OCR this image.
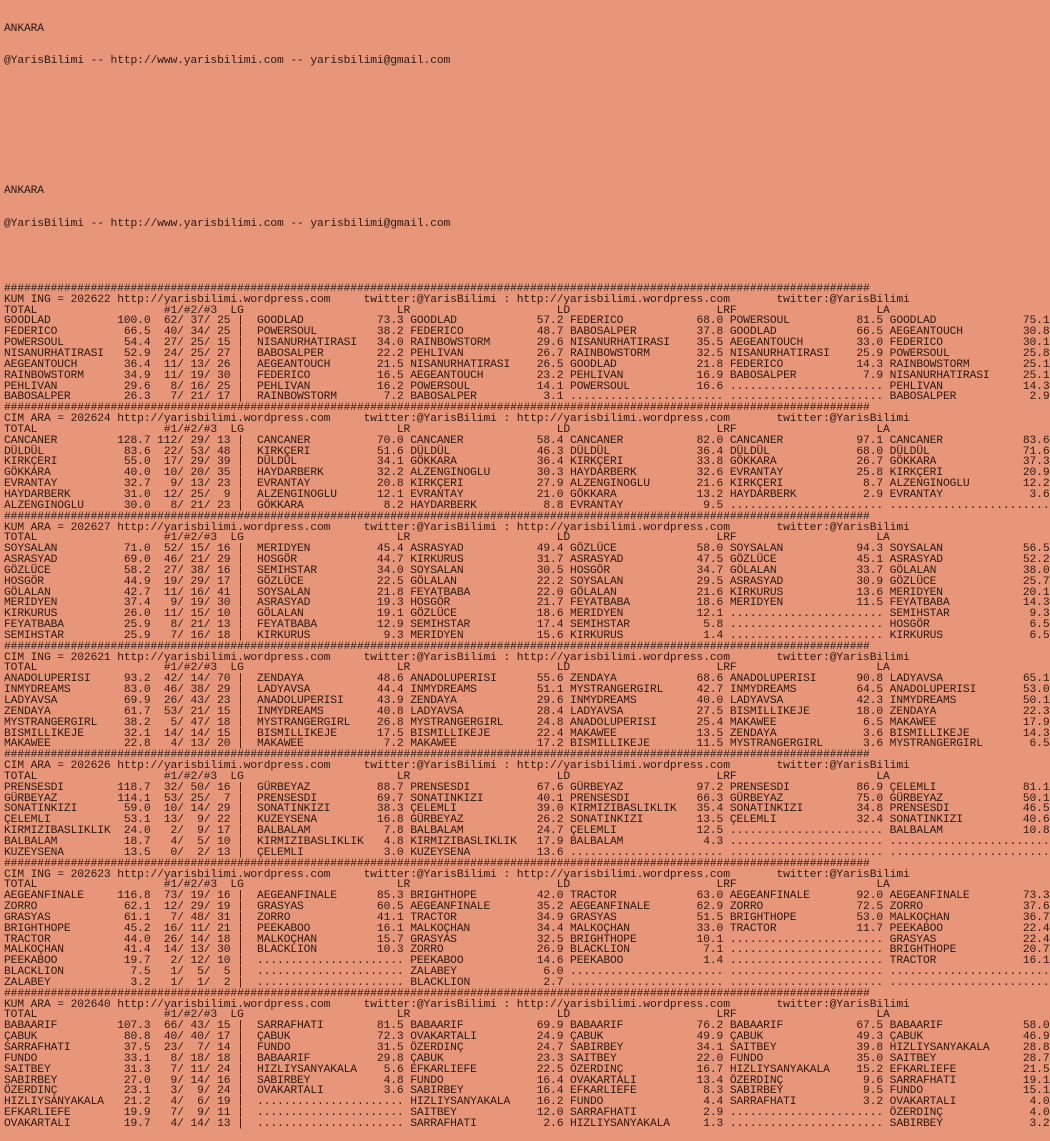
ANKARA

@YarisBilimi -- http://www.yarisbilimi.com -- yarisbilimi@gmail.com

ANKARA

@YarisBilimi -- http://www.yarisbilimi.com -- yarisbilimi@gmail.com

##################################################################################################################################
KUM ING = 202622 http://yarisbilimi.wordpress.com     twitter:@YarisBilimi : http://yarisbilimi.wordpress.com       twitter:@YarisBilimi
TOTAL                   #1/#2/#3  LG                       LR                      LD                      LRF                     LA
GOODLAD          100.0  62/ 37/ 25 |  GOODLAD           73.3 GOODLAD            57.2 FEDERICO           68.0 POWERSOUL          81.5 GOODLAD             75.1
FEDERICO          66.5  40/ 34/ 25 |  POWERSOUL         38.2 FEDERICO           48.7 BABOSALPER         37.8 GOODLAD            66.5 AEGEANTOUCH         30.8
POWERSOUL         54.4  27/ 25/ 15 |  NISANURHATIRASI   34.0 RAINBOWSTORM       29.6 NISANURHATIRASI    35.5 AEGEANTOUCH        33.0 FEDERICO            30.1
NISANURHATIRASI   52.9  24/ 25/ 27 |  BABOSALPER        22.2 PEHLIVAN           26.7 RAINBOWSTORM       32.5 NISANURHATIRASI    25.9 POWERSOUL           25.8
AEGEANTOUCH       36.4  11/ 13/ 26 |  AEGEANTOUCH       21.5 NISANURHATIRASI    26.5 GOODLAD            21.8 FEDERICO           14.3 RAINBOWSTORM        25.1
RAINBOWSTORM      34.9  11/ 19/ 30 |  FEDERICO          16.5 AEGEANTOUCH        23.2 PEHLIVAN           16.9 BABOSALPER          7.9 NISANURHATIRASI     25.1
PEHLIVAN          29.6   8/ 16/ 25 |  PEHLIVAN          16.2 POWERSOUL          14.1 POWERSOUL          16.6 ....................... PEHLIVAN            14.3
BABOSALPER        26.3   7/ 21/ 17 |  RAINBOWSTORM       7.2 BABOSALPER          3.1 ....................... ....................... BABOSALPER           2.9
##################################################################################################################################
CIM ARA = 202624 http://yarisbilimi.wordpress.com     twitter:@YarisBilimi : http://yarisbilimi.wordpress.com       twitter:@YarisBilimi
TOTAL                   #1/#2/#3  LG                       LR                      LD                      LRF                     LA
CANCANER         128.7 112/ 29/ 13 |  CANCANER          70.0 CANCANER           58.4 CANCANER           82.0 CANCANER           97.1 CANCANER            83.6
DÜLDÜL            83.6  22/ 53/ 48 |  KIRKÇERI          51.6 DÜLDÜL             46.3 DÜLDÜL             36.4 DÜLDÜL             68.0 DÜLDÜL              71.6
KIRKÇERI          55.0  17/ 29/ 39 |  DÜLDÜL            34.1 GÖKKARA            36.4 KIRKÇERI           33.8 GÖKKARA            26.7 GÖKKARA             37.3
GÖKKARA           40.0  10/ 20/ 35 |  HAYDARBERK        32.2 ALZENGINOGLU       30.3 HAYDARBERK         32.6 EVRANTAY           25.8 KIRKÇERI            20.9
EVRANTAY          32.7   9/ 13/ 23 |  EVRANTAY          20.8 KIRKÇERI           27.9 ALZENGINOGLU       21.6 KIRKÇERI            8.7 ALZENGINOGLU        12.2
HAYDARBERK        31.0  12/ 25/  9 |  ALZENGINOGLU      12.1 EVRANTAY           21.0 GÖKKARA            13.2 HAYDARBERK          2.9 EVRANTAY             3.6
ALZENGINOGLU      30.0   8/ 21/ 23 |  GÖKKARA            8.2 HAYDARBERK          8.8 EVRANTAY            9.5 ....................... ........................
##################################################################################################################################
KUM ARA = 202627 http://yarisbilimi.wordpress.com     twitter:@YarisBilimi : http://yarisbilimi.wordpress.com       twitter:@YarisBilimi
TOTAL                   #1/#2/#3  LG                       LR                      LD                      LRF                     LA
SOYSALAN          71.0  52/ 15/ 16 |  MERIDYEN          45.4 ASRASYAD           49.4 GÖZLÜCE            58.0 SOYSALAN           94.3 SOYSALAN            56.5
ASRASYAD          69.0  46/ 21/ 29 |  HOSGÖR            44.7 KIRKURUS           31.7 ASRASYAD           47.5 GÖZLÜCE            45.1 ASRASYAD            52.2
GÖZLÜCE           58.2  27/ 38/ 16 |  SEMIHSTAR         34.0 SOYSALAN           30.5 HOSGÖR             34.7 GÖLALAN            33.7 GÖLALAN             38.0
HOSGÖR            44.9  19/ 29/ 17 |  GÖZLÜCE           22.5 GÖLALAN            22.2 SOYSALAN           29.5 ASRASYAD           30.9 GÖZLÜCE             25.7
GÖLALAN           42.7  11/ 16/ 41 |  SOYSALAN          21.8 FEYATBABA          22.0 GÖLALAN            21.6 KIRKURUS           13.6 MERIDYEN            20.1
MERIDYEN          37.4   9/ 19/ 30 |  ASRASYAD          19.3 HOSGÖR             21.7 FEYATBABA          18.6 MERIDYEN           11.5 FEYATBABA           14.3
KIRKURUS          26.0  11/ 15/ 10 |  GÖLALAN           19.1 GÖZLÜCE            18.6 MERIDYEN           12.1 ....................... SEMIHSTAR            9.3
FEYATBABA         25.9   8/ 21/ 13 |  FEYATBABA         12.9 SEMIHSTAR          17.4 SEMIHSTAR           5.8 ....................... HOSGÖR               6.5
SEMIHSTAR         25.9   7/ 16/ 18 |  KIRKURUS           9.3 MERIDYEN           15.6 KIRKURUS            1.4 ....................... KIRKURUS             6.5
##################################################################################################################################
CIM ING = 202621 http://yarisbilimi.wordpress.com     twitter:@YarisBilimi : http://yarisbilimi.wordpress.com       twitter:@YarisBilimi
TOTAL                   #1/#2/#3  LG                       LR                      LD                      LRF                     LA
ANADOLUPERISI     93.2  42/ 14/ 70 |  ZENDAYA           48.6 ANADOLUPERISI      55.6 ZENDAYA            68.6 ANADOLUPERISI      90.8 LADYAVSA            65.1
INMYDREAMS        83.0  46/ 38/ 29 |  LADYAVSA          44.4 INMYDREAMS         51.1 MYSTRANGERGIRL     42.7 INMYDREAMS         64.5 ANADOLUPERISI       53.0
LADYAVSA          69.9  26/ 43/ 23 |  ANADOLUPERISI     43.9 ZENDAYA            29.6 INMYDREAMS         40.0 LADYAVSA           42.3 INMYDREAMS          50.1
ZENDAYA           61.7  53/ 21/ 15 |  INMYDREAMS        40.8 LADYAVSA           28.4 LADYAVSA           27.5 BISMILLIKEJE       18.0 ZENDAYA             22.3
MYSTRANGERGIRL    38.2   5/ 47/ 18 |  MYSTRANGERGIRL    26.8 MYSTRANGERGIRL     24.8 ANADOLUPERISI      25.4 MAKAWEE             6.5 MAKAWEE             17.9
BISMILLIKEJE      32.1  14/ 14/ 15 |  BISMILLIKEJE      17.5 BISMILLIKEJE       22.4 MAKAWEE            13.5 ZENDAYA             3.6 BISMILLIKEJE        14.3
MAKAWEE           22.8   4/ 13/ 20 |  MAKAWEE            7.2 MAKAWEE            17.2 BISMILLIKEJE       11.5 MYSTRANGERGIRL      3.6 MYSTRANGERGIRL       6.5
##################################################################################################################################
CIM ARA = 202626 http://yarisbilimi.wordpress.com     twitter:@YarisBilimi : http://yarisbilimi.wordpress.com       twitter:@YarisBilimi
TOTAL                   #1/#2/#3  LG                       LR                      LD                      LRF                     LA
PRENSESDI        118.7  32/ 50/ 16 |  GÜRBEYAZ          88.7 PRENSESDI          67.6 GÜRBEYAZ           97.2 PRENSESDI          86.9 ÇELEMLI             81.1
GÜRBEYAZ         114.1  53/ 25/  7 |  PRENSESDI         69.7 SONATINKIZI        40.1 PRENSESDI          66.3 GÜRBEYAZ           75.0 GÜRBEYAZ            50.1
SONATINKIZI       59.0  10/ 14/ 29 |  SONATINKIZI       38.3 ÇELEMLI            39.0 KIRMIZIBASLIKLIK   35.4 SONATINKIZI        34.8 PRENSESDI           46.5
ÇELEMLI           53.1  13/  9/ 22 |  KUZEYSENA         16.8 GÜRBEYAZ           26.2 SONATINKIZI        13.5 ÇELEMLI            32.4 SONATINKIZI         40.6
KIRMIZIBASLIKLIK  24.0   2/  9/ 17 |  BALBALAM           7.8 BALBALAM           24.7 ÇELEMLI            12.5 ....................... BALBALAM            10.8
BALBALAM          18.7   4/  5/ 10 |  KIRMIZIBASLIKLIK   4.8 KIRMIZIBASLIKLIK   17.9 BALBALAM            4.3 ....................... ........................
KUZEYSENA         13.5   0/  2/ 13 |  ÇELEMLI            3.0 KUZEYSENA          13.6 ....................... ....................... ........................
##################################################################################################################################
CIM ING = 202623 http://yarisbilimi.wordpress.com     twitter:@YarisBilimi : http://yarisbilimi.wordpress.com       twitter:@YarisBilimi
TOTAL                   #1/#2/#3  LG                       LR                      LD                      LRF                     LA
AEGEANFINALE     116.8  73/ 19/ 16 |  AEGEANFINALE      85.3 BRIGHTHOPE         42.0 TRACTOR            63.0 AEGEANFINALE       92.0 AEGEANFINALE        73.3
ZORRO             62.1  12/ 29/ 19 |  GRASYAS           60.5 AEGEANFINALE       35.2 AEGEANFINALE       62.9 ZORRO              72.5 ZORRO               37.6
GRASYAS           61.1   7/ 48/ 31 |  ZORRO             41.1 TRACTOR            34.9 GRASYAS            51.5 BRIGHTHOPE         53.0 MALKOÇHAN           36.7
BRIGHTHOPE        45.2  16/ 11/ 21 |  PEEKABOO          16.1 MALKOÇHAN          34.4 MALKOÇHAN          33.0 TRACTOR            11.7 PEEKABOO            22.4
TRACTOR           44.0  26/ 14/ 18 |  MALKOÇHAN         15.7 GRASYAS            32.5 BRIGHTHOPE         10.1 ....................... GRASYAS             22.4
MALKOÇHAN         41.4  14/ 13/ 30 |  BLACKLION         10.3 ZORRO              26.9 BLACKLION           7.1 ....................... BRIGHTHOPE          20.7
PEEKABOO          19.7   2/ 12/ 10 |  ...................... PEEKABOO           14.6 PEEKABOO            1.4 ....................... TRACTOR             16.1
BLACKLION          7.5   1/  5/  5 |  ...................... ZALABEY             6.0 ....................... ....................... ........................
ZALABEY            3.2   1/  1/  2 |  ...................... BLACKLION           2.7 ....................... ....................... ........................
##################################################################################################################################
KUM ARA = 202640 http://yarisbilimi.wordpress.com     twitter:@YarisBilimi : http://yarisbilimi.wordpress.com       twitter:@YarisBilimi
TOTAL                   #1/#2/#3  LG                       LR                      LD                      LRF                     LA
BABAARIF         107.3  66/ 43/ 15 |  SARRAFHATI        81.5 BABAARIF           69.9 BABAARIF           76.2 BABAARIF           67.5 BABAARIF            58.0
ÇABUK             80.8  40/ 40/ 17 |  ÇABUK             72.3 OVAKARTALI         24.9 ÇABUK              49.9 ÇABUK              49.3 ÇABUK               46.9
SARRAFHATI        37.5  23/  7/ 14 |  FUNDO             31.5 ÖZERDINÇ           24.7 SABIRBEY           34.1 SAITBEY            39.8 HIZLIYSANYAKALA     28.8
FUNDO             33.1   8/ 18/ 18 |  BABAARIF          29.8 ÇABUK              23.3 SAITBEY            22.0 FUNDO              35.0 SAITBEY             28.7
SAITBEY           31.3   7/ 11/ 24 |  HIZLIYSANYAKALA    5.6 EFKARLIEFE         22.5 ÖZERDINÇ           16.7 HIZLIYSANYAKALA    15.2 EFKARLIEFE          21.5
SABIRBEY          27.0   9/ 14/ 16 |  SABIRBEY           4.8 FUNDO              16.4 OVAKARTALI         13.4 ÖZERDINÇ            9.6 SARRAFHATI          19.1
ÖZERDINÇ          23.1   3/  9/ 24 |  OVAKARTALI         3.6 SABIRBEY           16.4 EFKARLIEFE          8.3 SABIRBEY            9.5 FUNDO               15.1
HIZLIYSANYAKALA   21.2   4/  6/ 19 |  ...................... HIZLIYSANYAKALA    16.2 FUNDO               4.4 SARRAFHATI          3.2 OVAKARTALI           4.0
EFKARLIEFE        19.9   7/  9/ 11 |  ...................... SAITBEY            12.0 SARRAFHATI          2.9 ....................... ÖZERDINÇ             4.0
OVAKARTALI        19.7   4/ 14/ 13 |  ...................... SARRAFHATI          2.6 HIZLIYSANYAKALA     1.3 ....................... SABIRBEY             3.2
